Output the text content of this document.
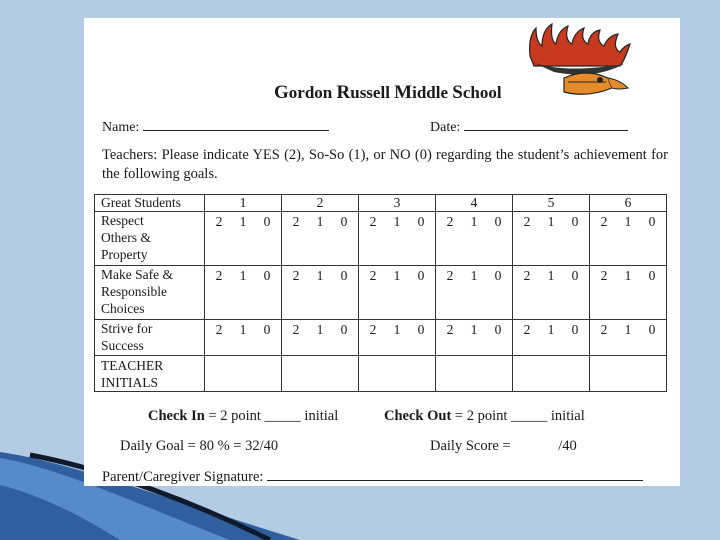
Gordon Russell Middle School
Name:	Date:
Teachers: Please indicate YES (2), So-So (1), or NO (0) regarding the student’s achievement for the following goals.
Great Students	1	2	3	4	5	6

Respect
Others &
Property	2 1 0	2 1 0	2 1 0	2 1 0	2 1 0	2 1 0

Make Safe &
Responsible
Choices	2 1 0	2 1 0	2 1 0	2 1 0	2 1 0	2 1 0

Strive for
Success	2 1 0	2 1 0	2 1 0	2 1 0	2 1 0	2 1 0

TEACHER
INITIALS						

Check In = 2 point _____ initial	Check Out = 2 point _____ initial
Daily Goal = 80 % = 32/40	Daily Score =	/40
Parent/Caregiver Signature:
